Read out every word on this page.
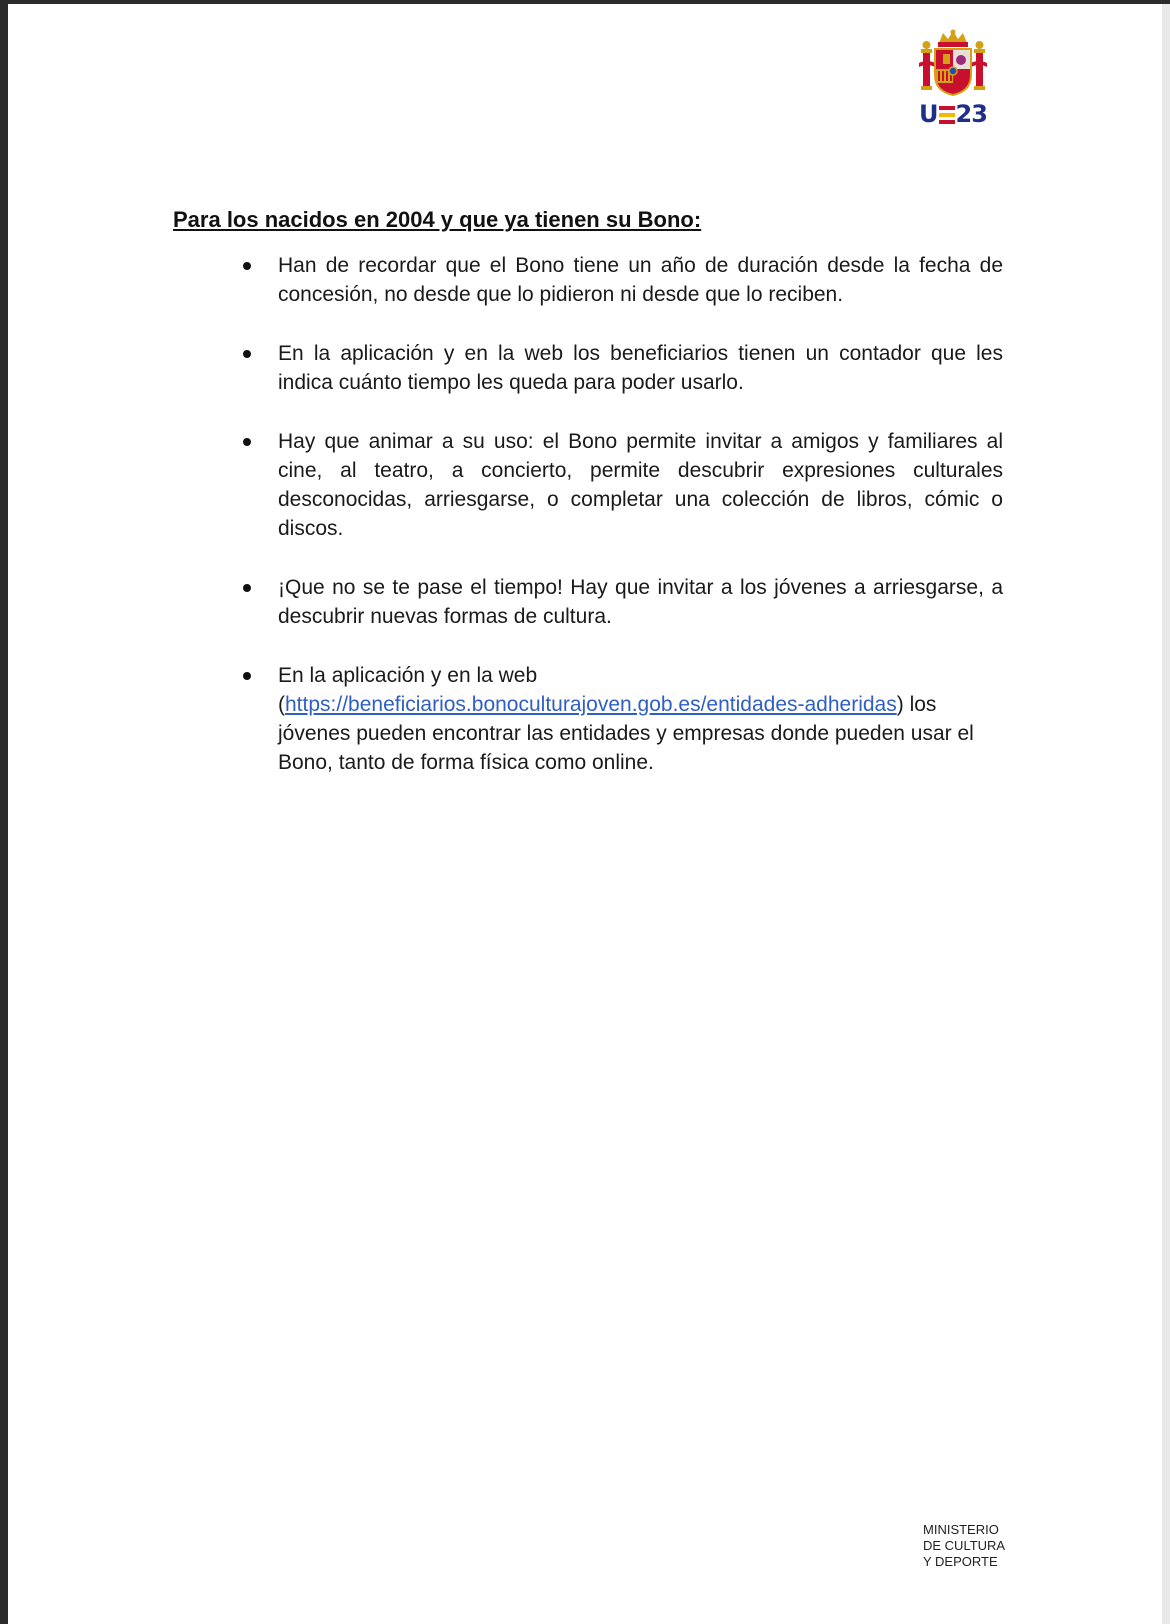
U 23
Para los nacidos en 2004 y que ya tienen su Bono:
Han de recordar que el Bono tiene un año de duración desde la fecha de concesión, no desde que lo pidieron ni desde que lo reciben.
En la aplicación y en la web los beneficiarios tienen un contador que les indica cuánto tiempo les queda para poder usarlo.
Hay que animar a su uso: el Bono permite invitar a amigos y familiares al cine, al teatro, a concierto, permite descubrir expresiones culturales desconocidas, arriesgarse, o completar una colección de libros, cómic o discos.
¡Que no se te pase el tiempo! Hay que invitar a los jóvenes a arriesgarse, a descubrir nuevas formas de cultura.
En la aplicación y en la web
(https://beneficiarios.bonoculturajoven.gob.es/entidades-adheridas) los jóvenes pueden encontrar las entidades y empresas donde pueden usar el Bono, tanto de forma física como online.
MINISTERIO
DE CULTURA
Y DEPORTE
